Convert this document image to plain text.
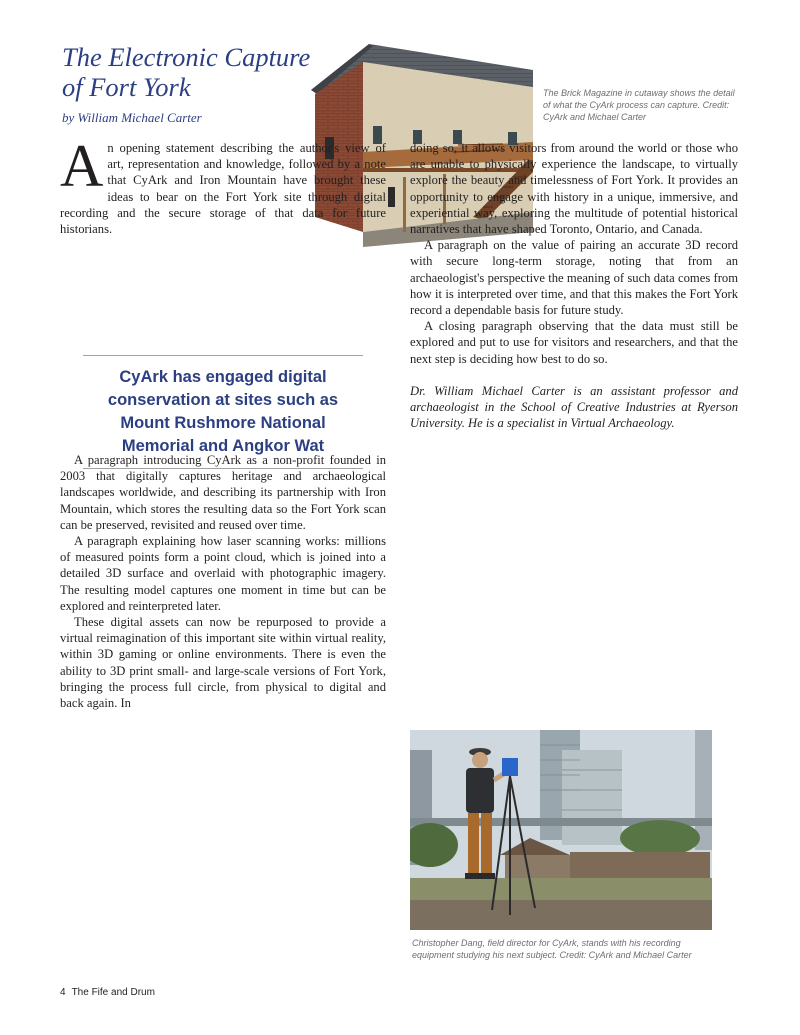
The Electronic Capture of Fort York
by William Michael Carter
The Brick Magazine in cutaway shows the detail of what the CyArk process can capture. Credit: CyArk and Michael Carter

An opening statement describing the author's view of art, representation and knowledge, followed by a note that CyArk and Iron Mountain have brought these ideas to bear on the Fort York site through digital recording and the secure storage of that data for future historians.

CyArk has engaged digital conservation at sites such as Mount Rushmore National Memorial and Angkor Wat

A paragraph introducing CyArk as a non-profit founded in 2003 that digitally captures heritage and archaeological landscapes worldwide, and describing its partnership with Iron Mountain, which stores the resulting data so the Fort York scan can be preserved, revisited and reused over time.

A paragraph explaining how laser scanning works: millions of measured points form a point cloud, which is joined into a detailed 3D surface and overlaid with photographic imagery. The resulting model captures one moment in time but can be explored and reinterpreted later.

These digital assets can now be repurposed to provide a virtual reimagination of this important site within virtual reality, within 3D gaming or online environments. There is even the ability to 3D print small- and large-scale versions of Fort York, bringing the process full circle, from physical to digital and back again. In

doing so, it allows visitors from around the world or those who are unable to physically experience the landscape, to virtually explore the beauty and timelessness of Fort York. It provides an opportunity to engage with history in a unique, immersive, and experiential way, exploring the multitude of potential historical narratives that have shaped Toronto, Ontario, and Canada.

A paragraph on the value of pairing an accurate 3D record with secure long-term storage, noting that from an archaeologist's perspective the meaning of such data comes from how it is interpreted over time, and that this makes the Fort York record a dependable basis for future study.

A closing paragraph observing that the data must still be explored and put to use for visitors and researchers, and that the next step is deciding how best to do so.

Dr. William Michael Carter is an assistant professor and archaeologist in the School of Creative Industries at Ryerson University. He is a specialist in Virtual Archaeology.

Christopher Dang, field director for CyArk, stands with his recording equipment studying his next subject. Credit: CyArk and Michael Carter
4 The Fife and Drum
